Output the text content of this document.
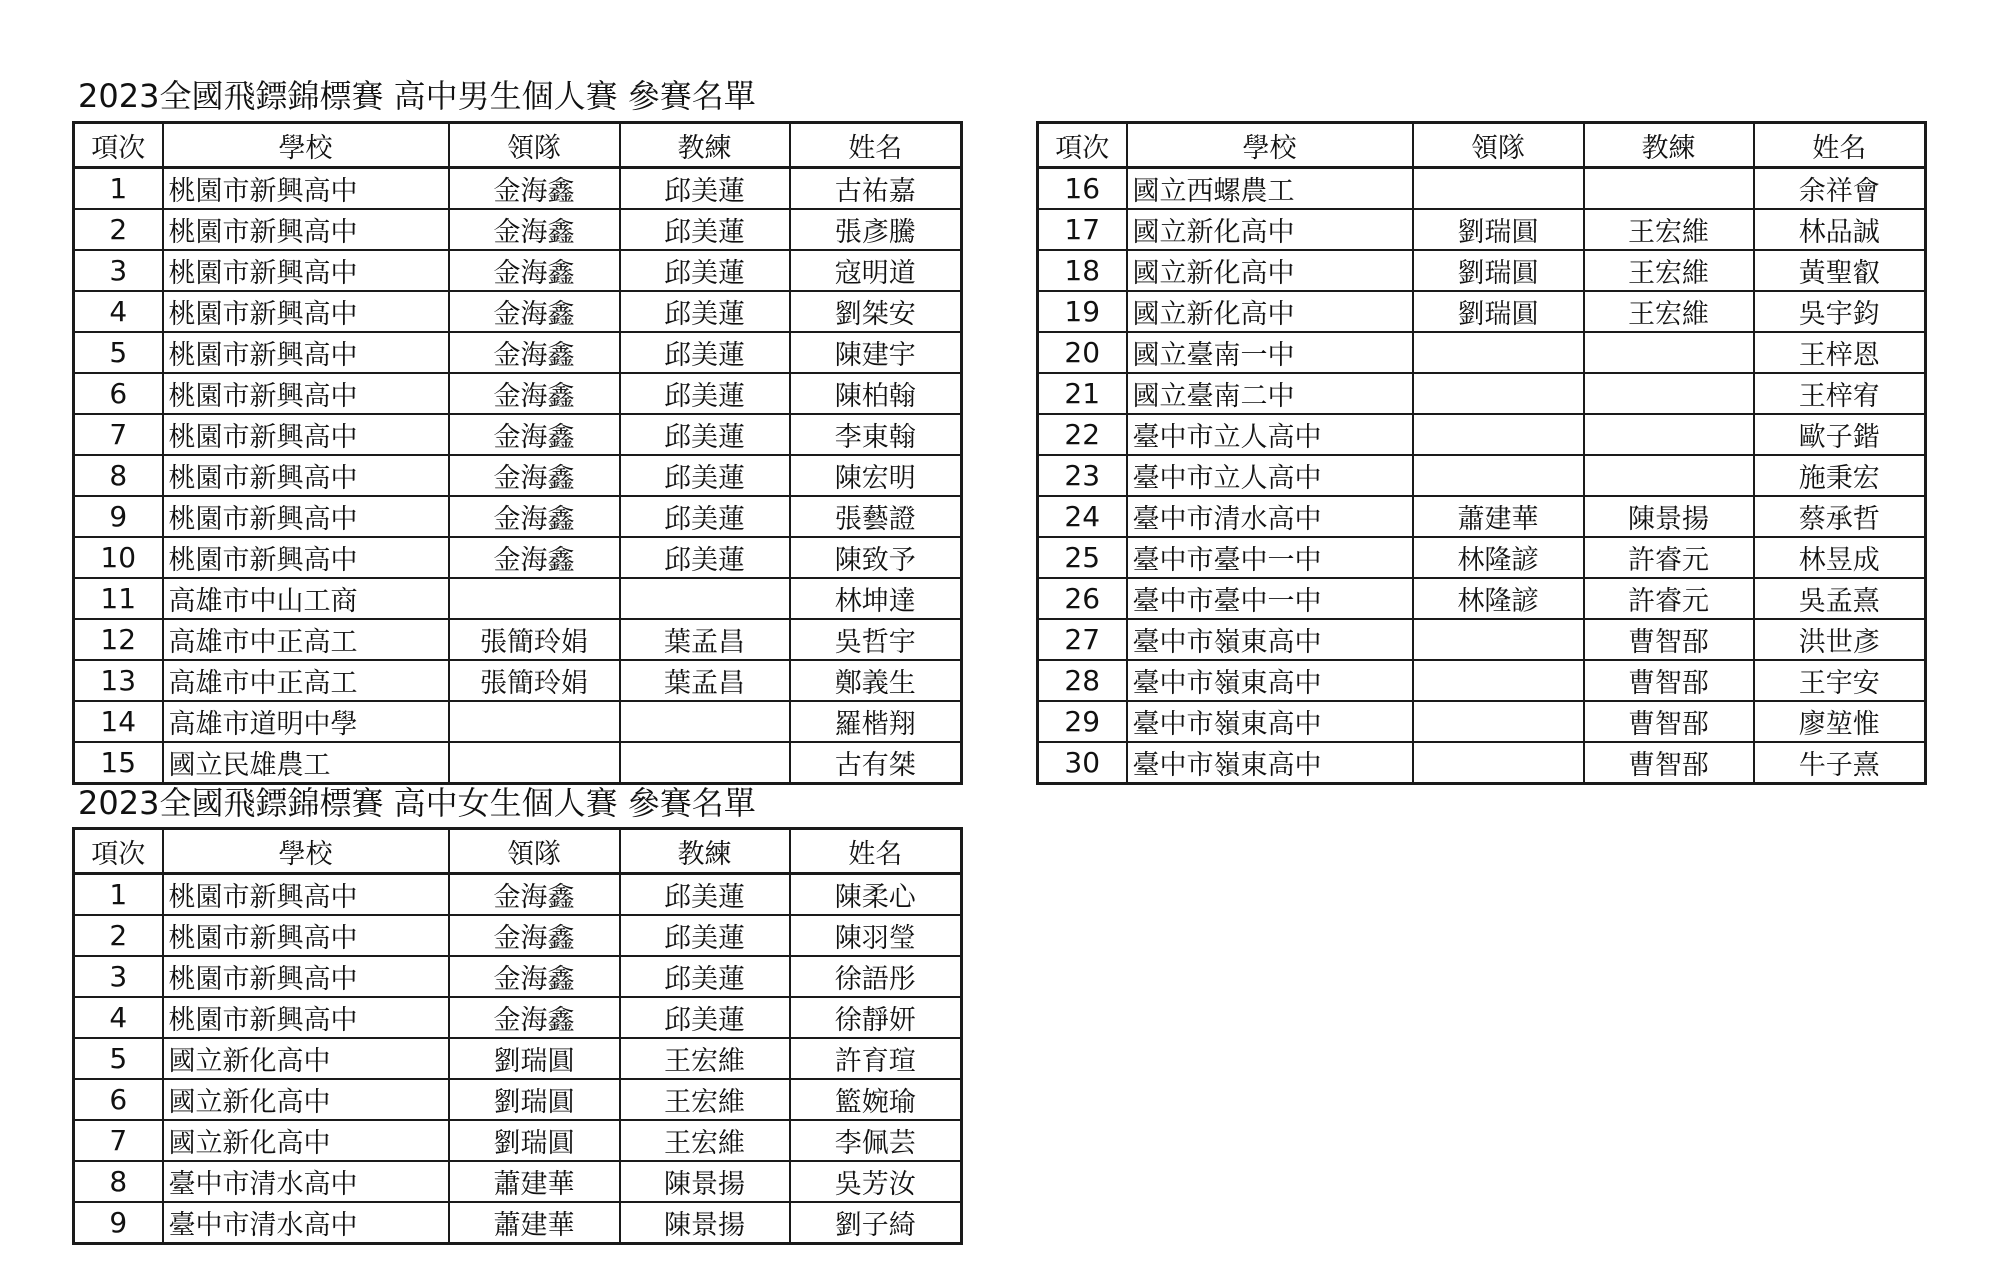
2023全國飛鏢錦標賽 高中男生個人賽 參賽名單
項次	學校	領隊	教練	姓名
1	桃園市新興高中	金海鑫	邱美蓮	古祐嘉
2	桃園市新興高中	金海鑫	邱美蓮	張彥騰
3	桃園市新興高中	金海鑫	邱美蓮	寇明道
4	桃園市新興高中	金海鑫	邱美蓮	劉桀安
5	桃園市新興高中	金海鑫	邱美蓮	陳建宇
6	桃園市新興高中	金海鑫	邱美蓮	陳柏翰
7	桃園市新興高中	金海鑫	邱美蓮	李東翰
8	桃園市新興高中	金海鑫	邱美蓮	陳宏明
9	桃園市新興高中	金海鑫	邱美蓮	張藝證
10	桃園市新興高中	金海鑫	邱美蓮	陳致予
11	高雄市中山工商			林坤達
12	高雄市中正高工	張簡玲娟	葉孟昌	吳哲宇
13	高雄市中正高工	張簡玲娟	葉孟昌	鄭義生
14	高雄市道明中學			羅楷翔
15	國立民雄農工			古有桀
項次	學校	領隊	教練	姓名
16	國立西螺農工			余祥會
17	國立新化高中	劉瑞圓	王宏維	林品誠
18	國立新化高中	劉瑞圓	王宏維	黃聖叡
19	國立新化高中	劉瑞圓	王宏維	吳宇鈞
20	國立臺南一中			王梓恩
21	國立臺南二中			王梓宥
22	臺中市立人高中			歐子鍇
23	臺中市立人高中			施秉宏
24	臺中市清水高中	蕭建華	陳景揚	蔡承哲
25	臺中市臺中一中	林隆諺	許睿元	林昱成
26	臺中市臺中一中	林隆諺	許睿元	吳孟熹
27	臺中市嶺東高中		曹智郚	洪世彥
28	臺中市嶺東高中		曹智郚	王宇安
29	臺中市嶺東高中		曹智郚	廖堃惟
30	臺中市嶺東高中		曹智郚	牛子熹
2023全國飛鏢錦標賽 高中女生個人賽 參賽名單
項次	學校	領隊	教練	姓名
1	桃園市新興高中	金海鑫	邱美蓮	陳柔心
2	桃園市新興高中	金海鑫	邱美蓮	陳羽瑩
3	桃園市新興高中	金海鑫	邱美蓮	徐語彤
4	桃園市新興高中	金海鑫	邱美蓮	徐靜妍
5	國立新化高中	劉瑞圓	王宏維	許育瑄
6	國立新化高中	劉瑞圓	王宏維	籃婉瑜
7	國立新化高中	劉瑞圓	王宏維	李佩芸
8	臺中市清水高中	蕭建華	陳景揚	吳芳汝
9	臺中市清水高中	蕭建華	陳景揚	劉子綺
